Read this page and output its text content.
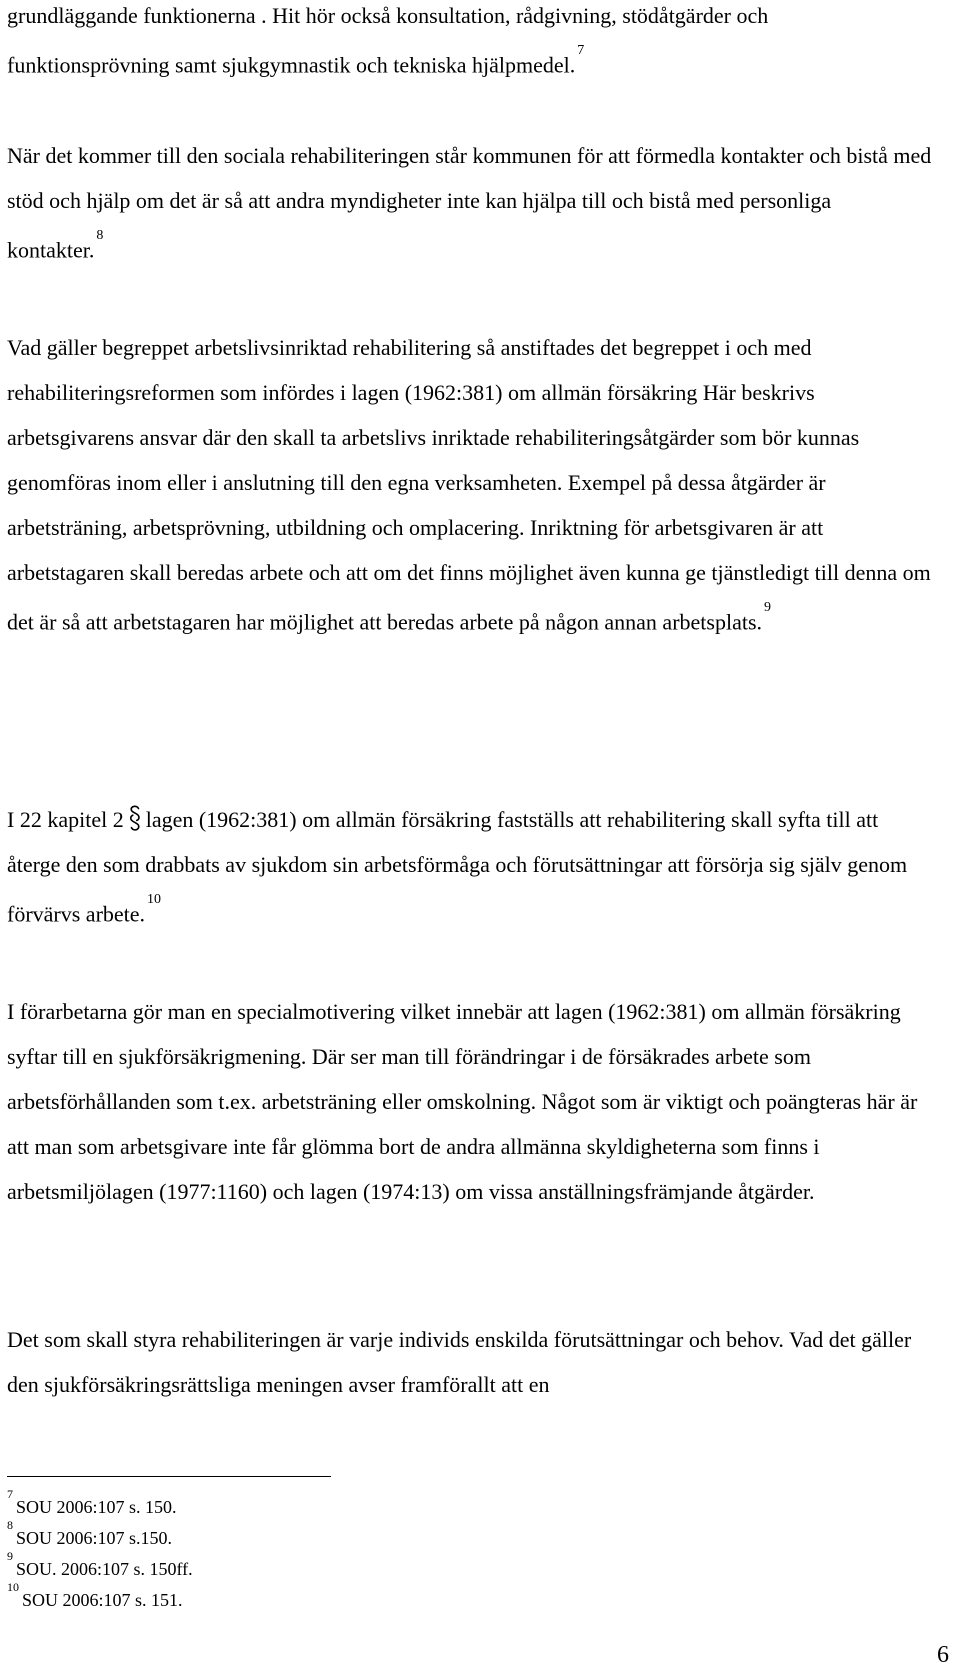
grundläggande funktionerna . Hit hör också konsultation, rådgivning, stödåtgärder och funktionsprövning samt sjukgymnastik och tekniska hjälpmedel.$^7$

När det kommer till den sociala rehabiliteringen står kommunen för att förmedla kontakter och bistå med stöd och hjälp om det är så att andra myndigheter inte kan hjälpa till och bistå med personliga kontakter.$^8$

Vad gäller begreppet arbetslivsinriktad rehabilitering så anstiftades det begreppet i och med rehabiliteringsreformen som infördes i lagen (1962:381) om allmän försäkring Här beskrivs arbetsgivarens ansvar där den skall ta arbetslivs inriktade rehabiliteringsåtgärder som bör kunnas genomföras inom eller i anslutning till den egna verksamheten. Exempel på dessa åtgärder är arbetsträning, arbetsprövning, utbildning och omplacering. Inriktning för arbetsgivaren är att arbetstagaren skall beredas arbete och att om det finns möjlighet även kunna ge tjänstledigt till denna om det är så att arbetstagaren har möjlighet att beredas arbete på någon annan arbetsplats.$^9$

I 22 kapitel 2 lagen (1962:381) om allmän försäkring fastställs att rehabilitering skall syfta till att återge den som drabbats av sjukdom sin arbetsförmåga och förutsättningar att försörja sig själv genom förvärvs arbete.$^{10}$

I förarbetarna gör man en specialmotivering vilket innebär att lagen (1962:381) om allmän försäkring syftar till en sjukförsäkrigmening. Där ser man till förändringar i de försäkrades arbete som arbetsförhållanden som t.ex. arbetsträning eller omskolning. Något som är viktigt och poängteras här är att man som arbetsgivare inte får glömma bort de andra allmänna skyldigheterna som finns i arbetsmiljölagen (1977:1160) och lagen (1974:13) om vissa anställningsfrämjande åtgärder.

Det som skall styra rehabiliteringen är varje individs enskilda förutsättningar och behov. Vad det gäller den sjukförsäkringsrättsliga meningen avser framförallt att en

$^7$SOU 2006:107 s. 150.
$^8$SOU 2006:107 s.150.
$^9$SOU. 2006:107 s. 150ff.
$^{10}$SOU 2006:107 s. 151.
6
